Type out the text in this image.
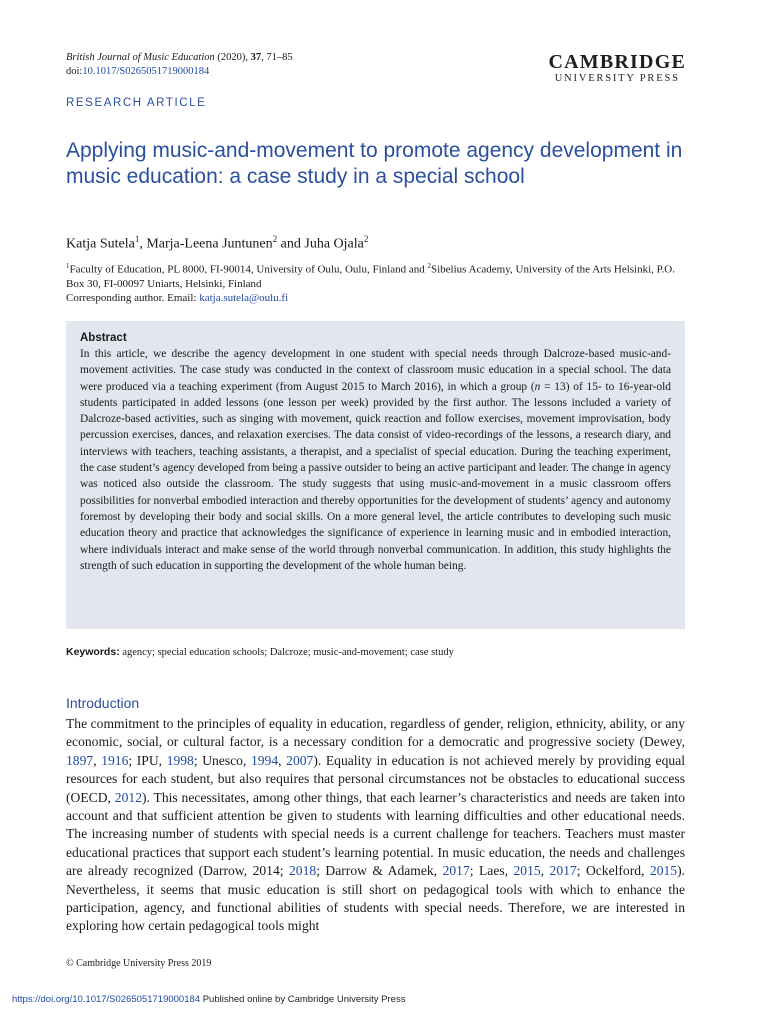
British Journal of Music Education (2020), 37, 71–85
doi:10.1017/S0265051719000184	CAMBRIDGE
UNIVERSITY PRESS
RESEARCH ARTICLE
Applying music-and-movement to promote agency development in music education: a case study in a special school
Katja Sutela$^1$, Marja-Leena Juntunen$^2$ and Juha Ojala$^2$
$^1$Faculty of Education, PL 8000, FI-90014, University of Oulu, Oulu, Finland and $^2$Sibelius Academy, University of the Arts Helsinki, P.O. Box 30, FI-00097 Uniarts, Helsinki, Finland
Corresponding author. Email: katja.sutela@oulu.fi
Abstract

In this article, we describe the agency development in one student with special needs through Dalcroze-based music-and-movement activities. The case study was conducted in the context of classroom music education in a special school. The data were produced via a teaching experiment (from August 2015 to March 2016), in which a group (n = 13) of 15- to 16-year-old students participated in added lessons (one lesson per week) provided by the first author. The lessons included a variety of Dalcroze-based activities, such as singing with movement, quick reaction and follow exercises, movement improvisation, body percussion exercises, dances, and relaxation exercises. The data consist of video-recordings of the lessons, a research diary, and interviews with teachers, teaching assistants, a therapist, and a specialist of special education. During the teaching experiment, the case student’s agency developed from being a passive outsider to being an active participant and leader. The change in agency was noticed also outside the classroom. The study suggests that using music-and-movement in a music classroom offers possibilities for nonverbal embodied interaction and thereby opportunities for the development of students’ agency and autonomy foremost by developing their body and social skills. On a more general level, the article contributes to developing such music education theory and practice that acknowledges the significance of experience in learning music and in embodied interaction, where individuals interact and make sense of the world through nonverbal communication. In addition, this study highlights the strength of such education in supporting the development of the whole human being.

Keywords: agency; special education schools; Dalcroze; music-and-movement; case study
Introduction

The commitment to the principles of equality in education, regardless of gender, religion, ethnicity, ability, or any economic, social, or cultural factor, is a necessary condition for a democratic and progressive society (Dewey, 1897, 1916; IPU, 1998; Unesco, 1994, 2007). Equality in education is not achieved merely by providing equal resources for each student, but also requires that personal circumstances not be obstacles to educational success (OECD, 2012). This necessitates, among other things, that each learner’s characteristics and needs are taken into account and that sufficient attention be given to students with learning difficulties and other educational needs. The increasing number of students with special needs is a current challenge for teachers. Teachers must master educational practices that support each student’s learning potential. In music education, the needs and challenges are already recognized (Darrow, 2014; 2018; Darrow & Adamek, 2017; Laes, 2015, 2017; Ockelford, 2015). Nevertheless, it seems that music education is still short on pedagogical tools with which to enhance the participation, agency, and functional abilities of students with special needs. Therefore, we are interested in exploring how certain pedagogical tools might

© Cambridge University Press 2019
https://doi.org/10.1017/S0265051719000184 Published online by Cambridge University Press
